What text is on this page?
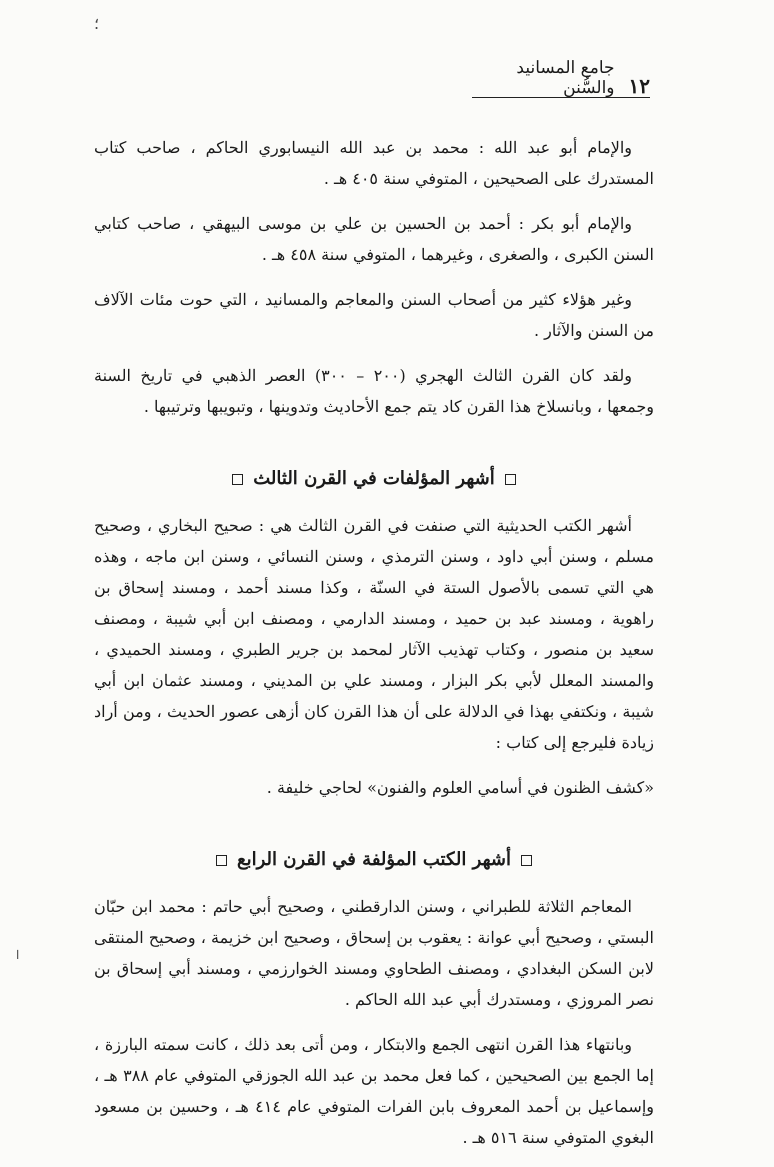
؛
ا
١٢
جامع المسانيد والسُّنن

والإمام أبو عبد الله : محمد بن عبد الله النيسابوري الحاكم ، صاحب كتاب المستدرك على الصحيحين ، المتوفي سنة ٤٠٥ هـ .

والإمام أبو بكر : أحمد بن الحسين بن علي بن موسى البيهقي ، صاحب كتابي السنن الكبرى ، والصغرى ، وغيرهما ، المتوفي سنة ٤٥٨ هـ .

وغير هؤلاء كثير من أصحاب السنن والمعاجم والمسانيد ، التي حوت مئات الآلاف من السنن والآثار .

ولقد كان القرن الثالث الهجري (٢٠٠ – ٣٠٠) العصر الذهبي في تاريخ السنة وجمعها ، وبانسلاخ هذا القرن كاد يتم جمع الأحاديث وتدوينها ، وتبويبها وترتيبها .

أشهر المؤلفات في القرن الثالث

أشهر الكتب الحديثية التي صنفت في القرن الثالث هي : صحيح البخاري ، وصحيح مسلم ، وسنن أبي داود ، وسنن الترمذي ، وسنن النسائي ، وسنن ابن ماجه ، وهذه هي التي تسمى بالأصول الستة في السنّة ، وكذا مسند أحمد ، ومسند إسحاق بن راهوية ، ومسند عبد بن حميد ، ومسند الدارمي ، ومصنف ابن أبي شيبة ، ومصنف سعيد بن منصور ، وكتاب تهذيب الآثار لمحمد بن جرير الطبري ، ومسند الحميدي ، والمسند المعلل لأبي بكر البزار ، ومسند علي بن المديني ، ومسند عثمان ابن أبي شيبة ، ونكتفي بهذا في الدلالة على أن هذا القرن كان أزهى عصور الحديث ، ومن أراد زيادة فليرجع إلى كتاب :

«كشف الظنون في أسامي العلوم والفنون» لحاجي خليفة .

أشهر الكتب المؤلفة في القرن الرابع

المعاجم الثلاثة للطبراني ، وسنن الدارقطني ، وصحيح أبي حاتم : محمد ابن حبّان البستي ، وصحيح أبي عوانة : يعقوب بن إسحاق ، وصحيح ابن خزيمة ، وصحيح المنتقى لابن السكن البغدادي ، ومصنف الطحاوي ومسند الخوارزمي ، ومسند أبي إسحاق بن نصر المروزي ، ومستدرك أبي عبد الله الحاكم .

وبانتهاء هذا القرن انتهى الجمع والابتكار ، ومن أتى بعد ذلك ، كانت سمته البارزة ، إما الجمع بين الصحيحين ، كما فعل محمد بن عبد الله الجوزقي المتوفي عام ٣٨٨ هـ ، وإسماعيل بن أحمد المعروف بابن الفرات المتوفي عام ٤١٤ هـ ، وحسين بن مسعود البغوي المتوفي سنة ٥١٦ هـ .
